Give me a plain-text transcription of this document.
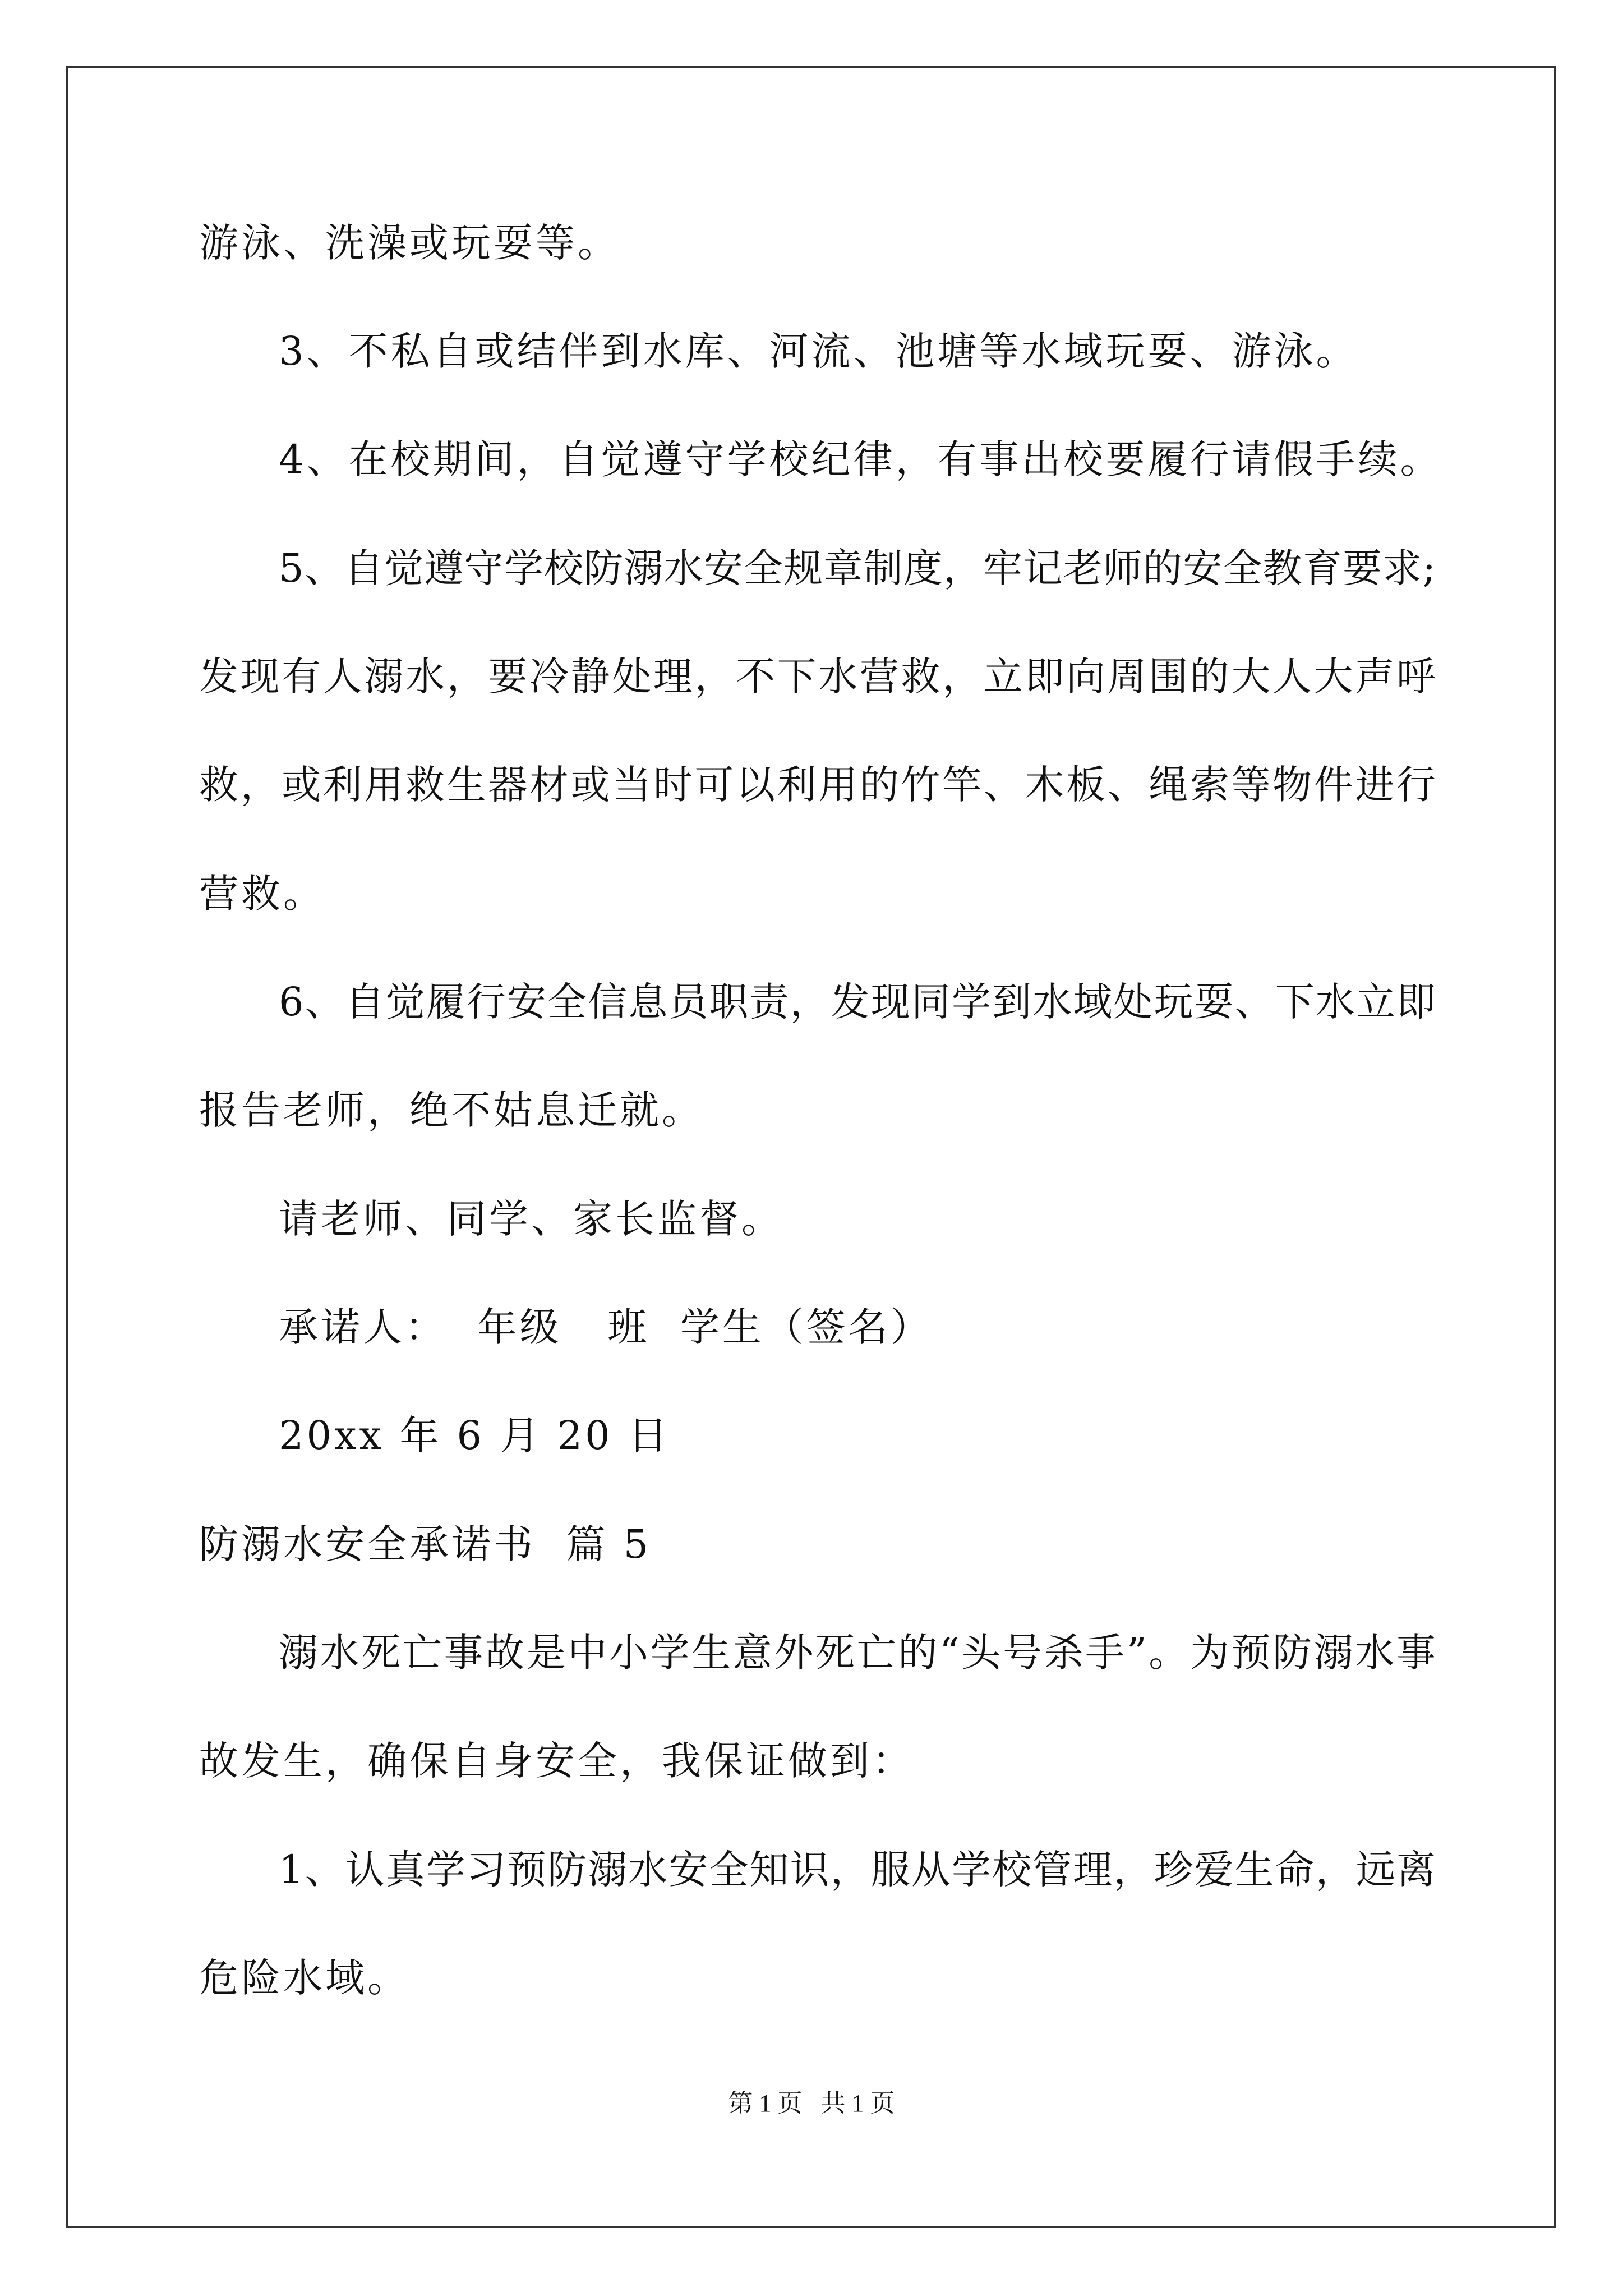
游泳、洗澡或玩耍等。
3、不私自或结伴到水库、河流、池塘等水域玩耍、游泳。
4、在校期间，自觉遵守学校纪律，有事出校要履行请假手续。
5、自觉遵守学校防溺水安全规章制度，牢记老师的安全教育要求;
发现有人溺水，要冷静处理，不下水营救，立即向周围的大人大声呼
救，或利用救生器材或当时可以利用的竹竿、木板、绳索等物件进行
营救。
6、自觉履行安全信息员职责，发现同学到水域处玩耍、下水立即
报告老师，绝不姑息迁就。
请老师、同学、家长监督。
承诺人：  年级   班  学生（签名）
20xx 年 6 月 20 日
防溺水安全承诺书  篇 5
溺水死亡事故是中小学生意外死亡的“头号杀手”。为预防溺水事
故发生，确保自身安全，我保证做到：
1、认真学习预防溺水安全知识，服从学校管理，珍爱生命，远离
危险水域。
第 1 页   共 1 页
